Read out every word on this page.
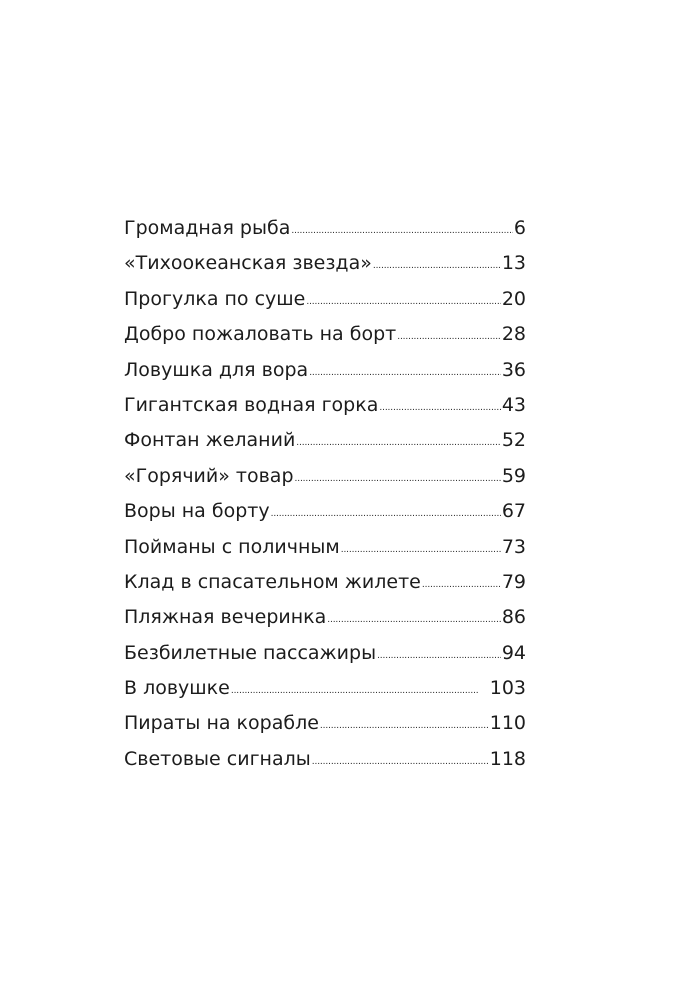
Громадная рыба . . .	6
«Тихоокеанская звезда» . . .	13
Прогулка по суше . . .	20
Добро пожаловать на борт . . .	28
Ловушка для вора . . .	36
Гигантская водная горка . . .	43
Фонтан желаний . . .	52
«Горячий» товар . . .	59
Воры на борту . . .	67
Пойманы с поличным . . .	73
Клад в спасательном жилете . . .	79
Пляжная вечеринка . . .	86
Безбилетные пассажиры . . .	94
В ловушке . . .	103
Пираты на корабле . . .	110
Световые сигналы . . .	118
